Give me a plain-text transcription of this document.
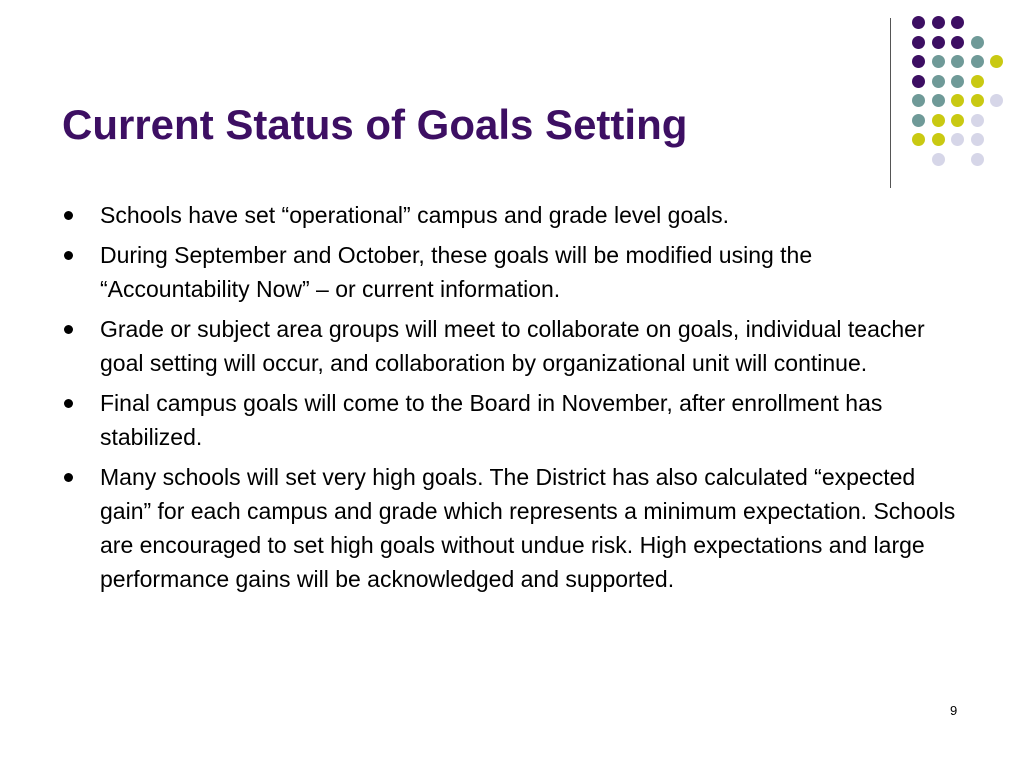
Current Status of Goals Setting
Schools have set “operational” campus and grade level goals.
During September and October, these goals will be modified using the “Accountability Now” – or current information.
Grade or subject area groups will meet to collaborate on goals, individual teacher goal setting will occur, and collaboration by organizational unit will continue.
Final campus goals will come to the Board in November, after enrollment has stabilized.
Many schools will set very high goals. The District has also calculated “expected gain” for each campus and grade which represents a minimum expectation. Schools are encouraged to set high goals without undue risk. High expectations and large performance gains will be acknowledged and supported.
9
